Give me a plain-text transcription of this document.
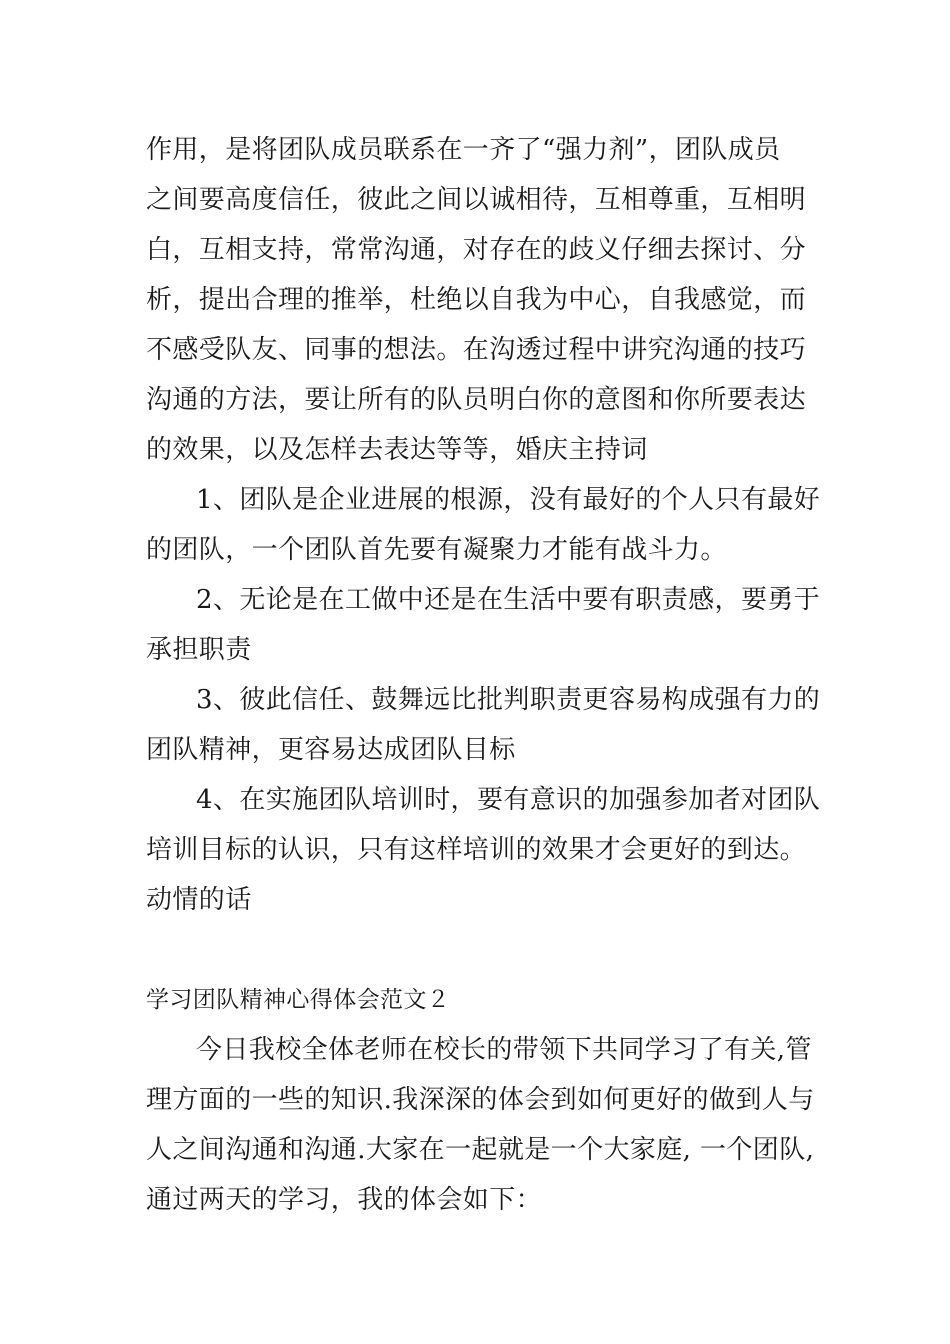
作用，是将团队成员联系在一齐了“强力剂”，团队成员
之间要高度信任，彼此之间以诚相待，互相尊重，互相明
白，互相支持，常常沟通，对存在的歧义仔细去探讨、分
析，提出合理的推举，杜绝以自我为中心，自我感觉，而
不感受队友、同事的想法。在沟透过程中讲究沟通的技巧
沟通的方法，要让所有的队员明白你的意图和你所要表达
的效果，以及怎样去表达等等，婚庆主持词
1、团队是企业进展的根源，没有最好的个人只有最好
的团队，一个团队首先要有凝聚力才能有战斗力。
2、无论是在工做中还是在生活中要有职责感，要勇于
承担职责
3、彼此信任、鼓舞远比批判职责更容易构成强有力的
团队精神，更容易达成团队目标
4、在实施团队培训时，要有意识的加强参加者对团队
培训目标的认识，只有这样培训的效果才会更好的到达。
动情的话
学习团队精神心得体会范文２
今日我校全体老师在校长的带领下共同学习了有关,管
理方面的一些的知识.我深深的体会到如何更好的做到人与
人之间沟通和沟通.大家在一起就是一个大家庭, 一个团队,
通过两天的学习，我的体会如下：
